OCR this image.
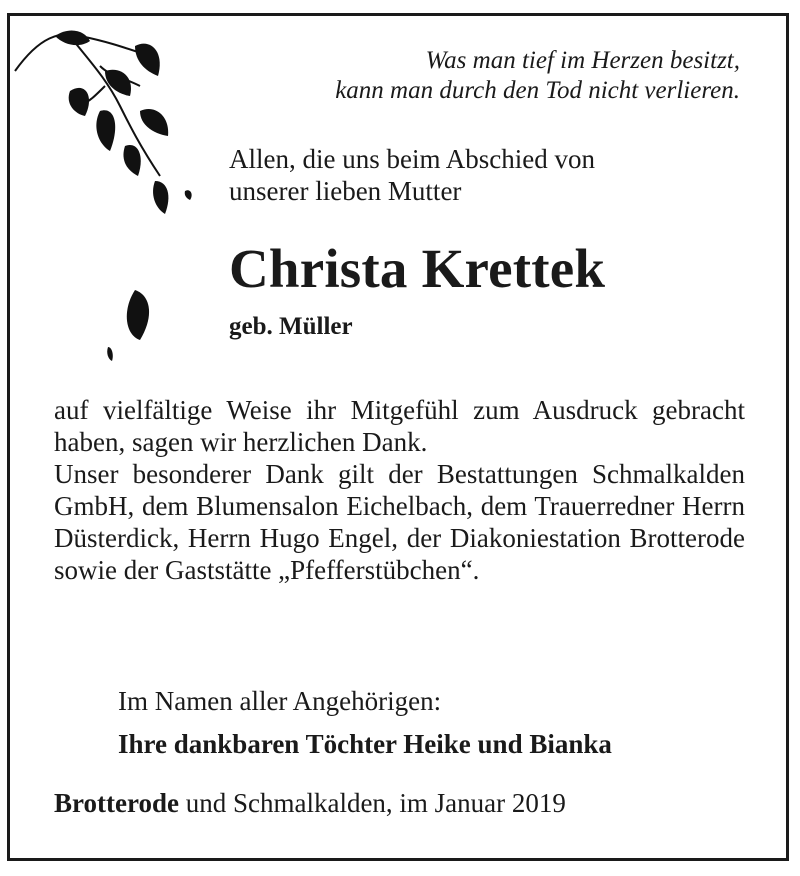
Was man tief im Herzen besitzt,
kann man durch den Tod nicht verlieren.
Allen, die uns beim Abschied von
unserer lieben Mutter
Christa Krettek
geb. Müller

auf vielfältige Weise ihr Mitgefühl zum Ausdruck gebracht haben, sagen wir herzlichen Dank.

Unser besonderer Dank gilt der Bestattungen Schmalkalden GmbH, dem Blumensalon Eichelbach, dem Trauerredner Herrn Düsterdick, Herrn Hugo Engel, der Diakoniestation Brotterode sowie der Gaststätte „Pfefferstübchen“.

Im Namen aller Angehörigen:
Ihre dankbaren Töchter Heike und Bianka
Brotterode und Schmalkalden, im Januar 2019
